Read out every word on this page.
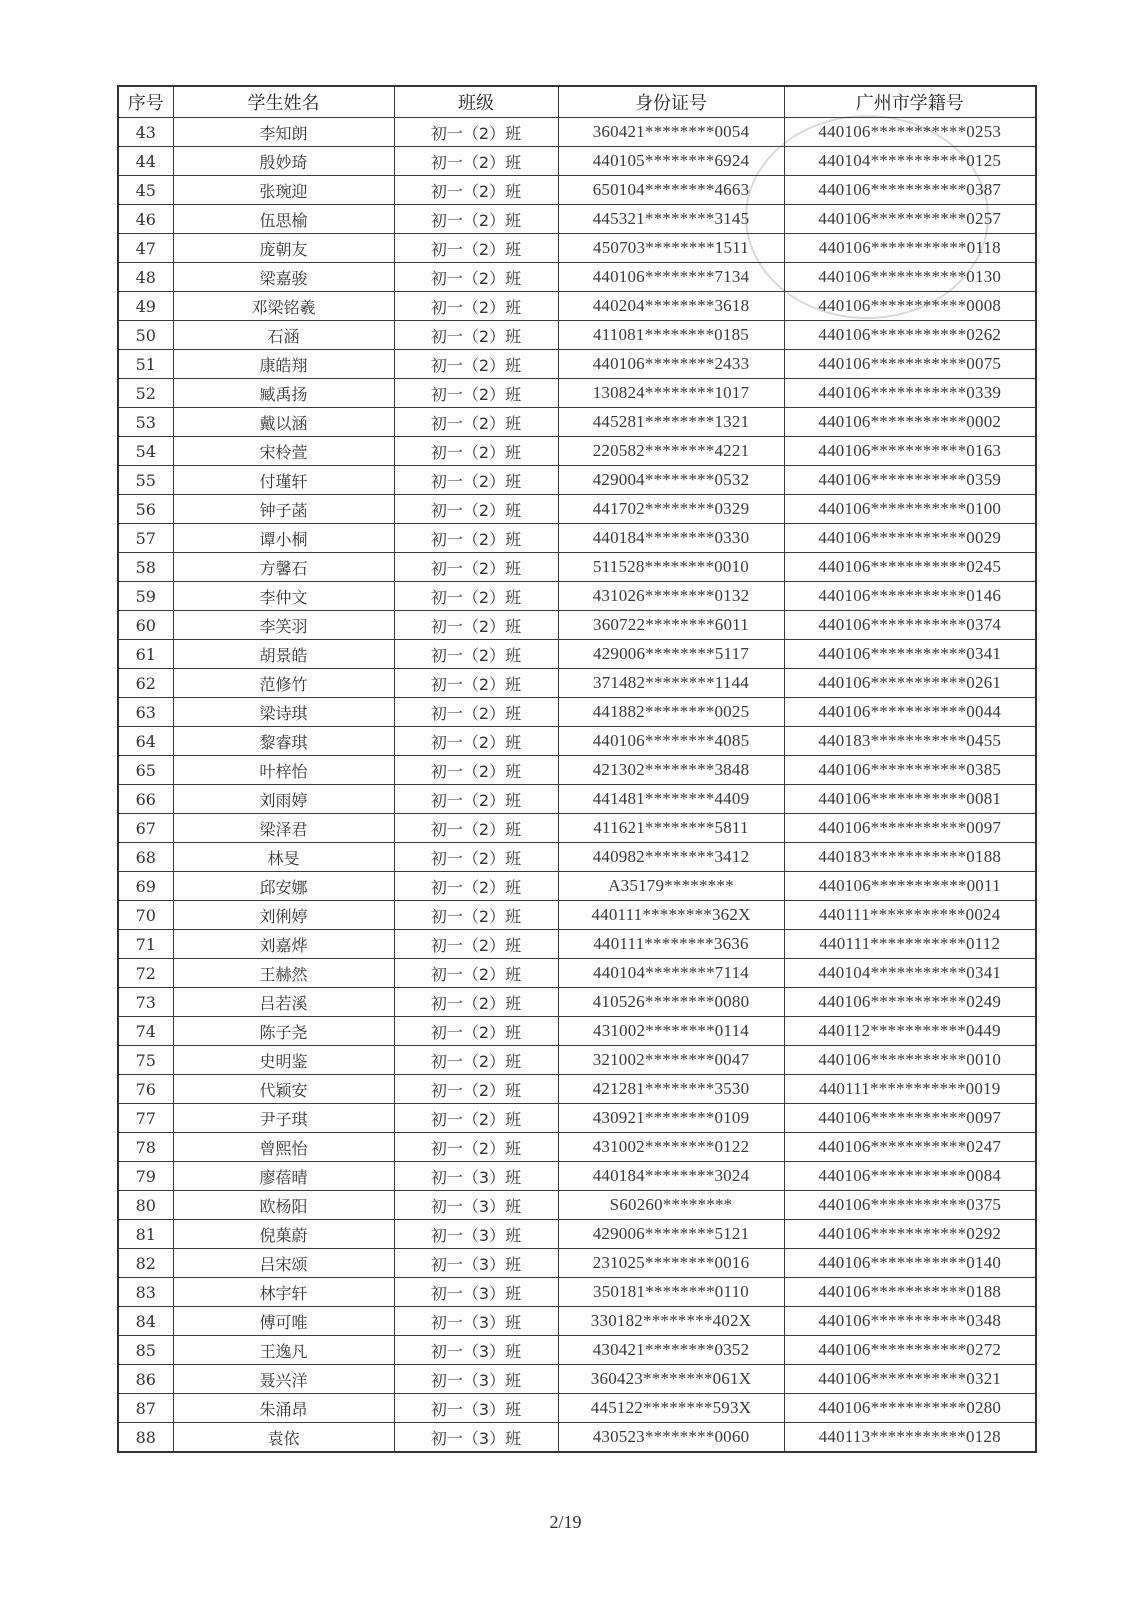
序号	学生姓名	班级	身份证号	广州市学籍号
43	李知朗	初一（2）班	360421********0054	440106***********0253
44	殷妙琦	初一（2）班	440105********6924	440104***********0125
45	张琬迎	初一（2）班	650104********4663	440106***********0387
46	伍思榆	初一（2）班	445321********3145	440106***********0257
47	庞朝友	初一（2）班	450703********1511	440106***********0118
48	梁嘉骏	初一（2）班	440106********7134	440106***********0130
49	邓梁铭羲	初一（2）班	440204********3618	440106***********0008
50	石涵	初一（2）班	411081********0185	440106***********0262
51	康皓翔	初一（2）班	440106********2433	440106***********0075
52	臧禹扬	初一（2）班	130824********1017	440106***********0339
53	戴以涵	初一（2）班	445281********1321	440106***********0002
54	宋柃萱	初一（2）班	220582********4221	440106***********0163
55	付瑾轩	初一（2）班	429004********0532	440106***********0359
56	钟子菡	初一（2）班	441702********0329	440106***********0100
57	谭小桐	初一（2）班	440184********0330	440106***********0029
58	方馨石	初一（2）班	511528********0010	440106***********0245
59	李仲文	初一（2）班	431026********0132	440106***********0146
60	李笑羽	初一（2）班	360722********6011	440106***********0374
61	胡景皓	初一（2）班	429006********5117	440106***********0341
62	范修竹	初一（2）班	371482********1144	440106***********0261
63	梁诗琪	初一（2）班	441882********0025	440106***********0044
64	黎睿琪	初一（2）班	440106********4085	440183***********0455
65	叶梓怡	初一（2）班	421302********3848	440106***********0385
66	刘雨婷	初一（2）班	441481********4409	440106***********0081
67	梁泽君	初一（2）班	411621********5811	440106***********0097
68	林旻	初一（2）班	440982********3412	440183***********0188
69	邱安娜	初一（2）班	A35179********	440106***********0011
70	刘俐婷	初一（2）班	440111********362X	440111***********0024
71	刘嘉烨	初一（2）班	440111********3636	440111***********0112
72	王赫然	初一（2）班	440104********7114	440104***********0341
73	吕若溪	初一（2）班	410526********0080	440106***********0249
74	陈子尧	初一（2）班	431002********0114	440112***********0449
75	史明鉴	初一（2）班	321002********0047	440106***********0010
76	代颖安	初一（2）班	421281********3530	440111***********0019
77	尹子琪	初一（2）班	430921********0109	440106***********0097
78	曾熙怡	初一（2）班	431002********0122	440106***********0247
79	廖蓓晴	初一（3）班	440184********3024	440106***********0084
80	欧杨阳	初一（3）班	S60260********	440106***********0375
81	倪菓蔚	初一（3）班	429006********5121	440106***********0292
82	吕宋颂	初一（3）班	231025********0016	440106***********0140
83	林宇轩	初一（3）班	350181********0110	440106***********0188
84	傅可唯	初一（3）班	330182********402X	440106***********0348
85	王逸凡	初一（3）班	430421********0352	440106***********0272
86	聂兴洋	初一（3）班	360423********061X	440106***********0321
87	朱涌昂	初一（3）班	445122********593X	440106***********0280
88	袁依	初一（3）班	430523********0060	440113***********0128
2/19
